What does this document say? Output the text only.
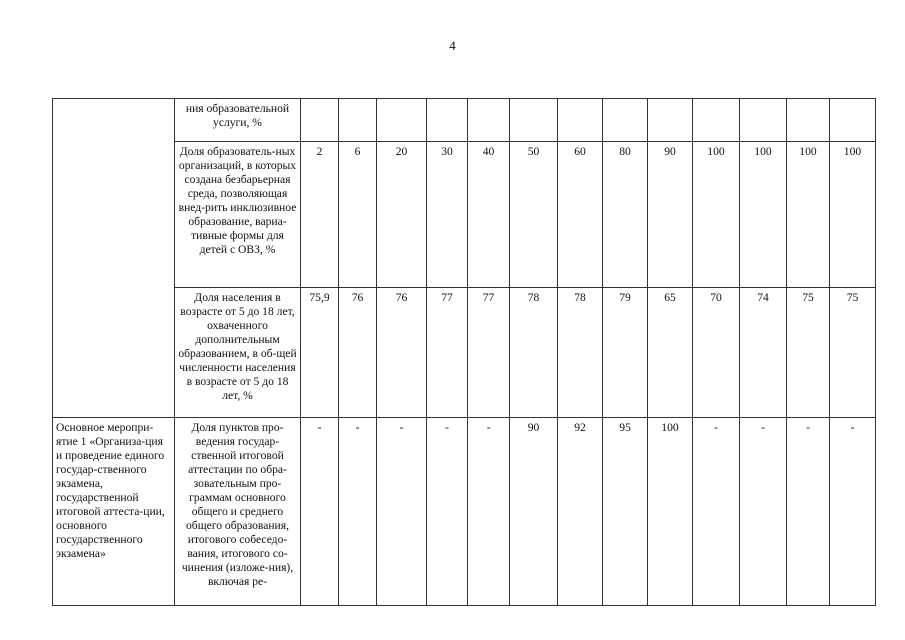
4
	ния образовательной услуги, %													
	Доля образователь-ных организаций, в которых создана безбарьерная среда, позволяющая внед-рить инклюзивное образование, вариа-тивные формы для детей с ОВЗ, %	2	6	20	30	40	50	60	80	90	100	100	100	100
	Доля населения в возрасте от 5 до 18 лет, охваченного дополнительным образованием, в об-щей численности населения в возрасте от 5 до 18 лет, %	75,9	76	76	77	77	78	78	79	65	70	74	75	75
Основное меропри-ятие 1 «Организа-ция и проведение единого государ-ственного экзамена, государственной итоговой аттеста-ции, основного государственного экзамена»	Доля пунктов про-ведения государ-ственной итоговой аттестации по обра-зовательным про-граммам основного общего и среднего общего образования, итогового собеседо-вания, итогового со-чинения (изложе-ния), включая ре-	-	-	-	-	-	90	92	95	100	-	-	-	-
